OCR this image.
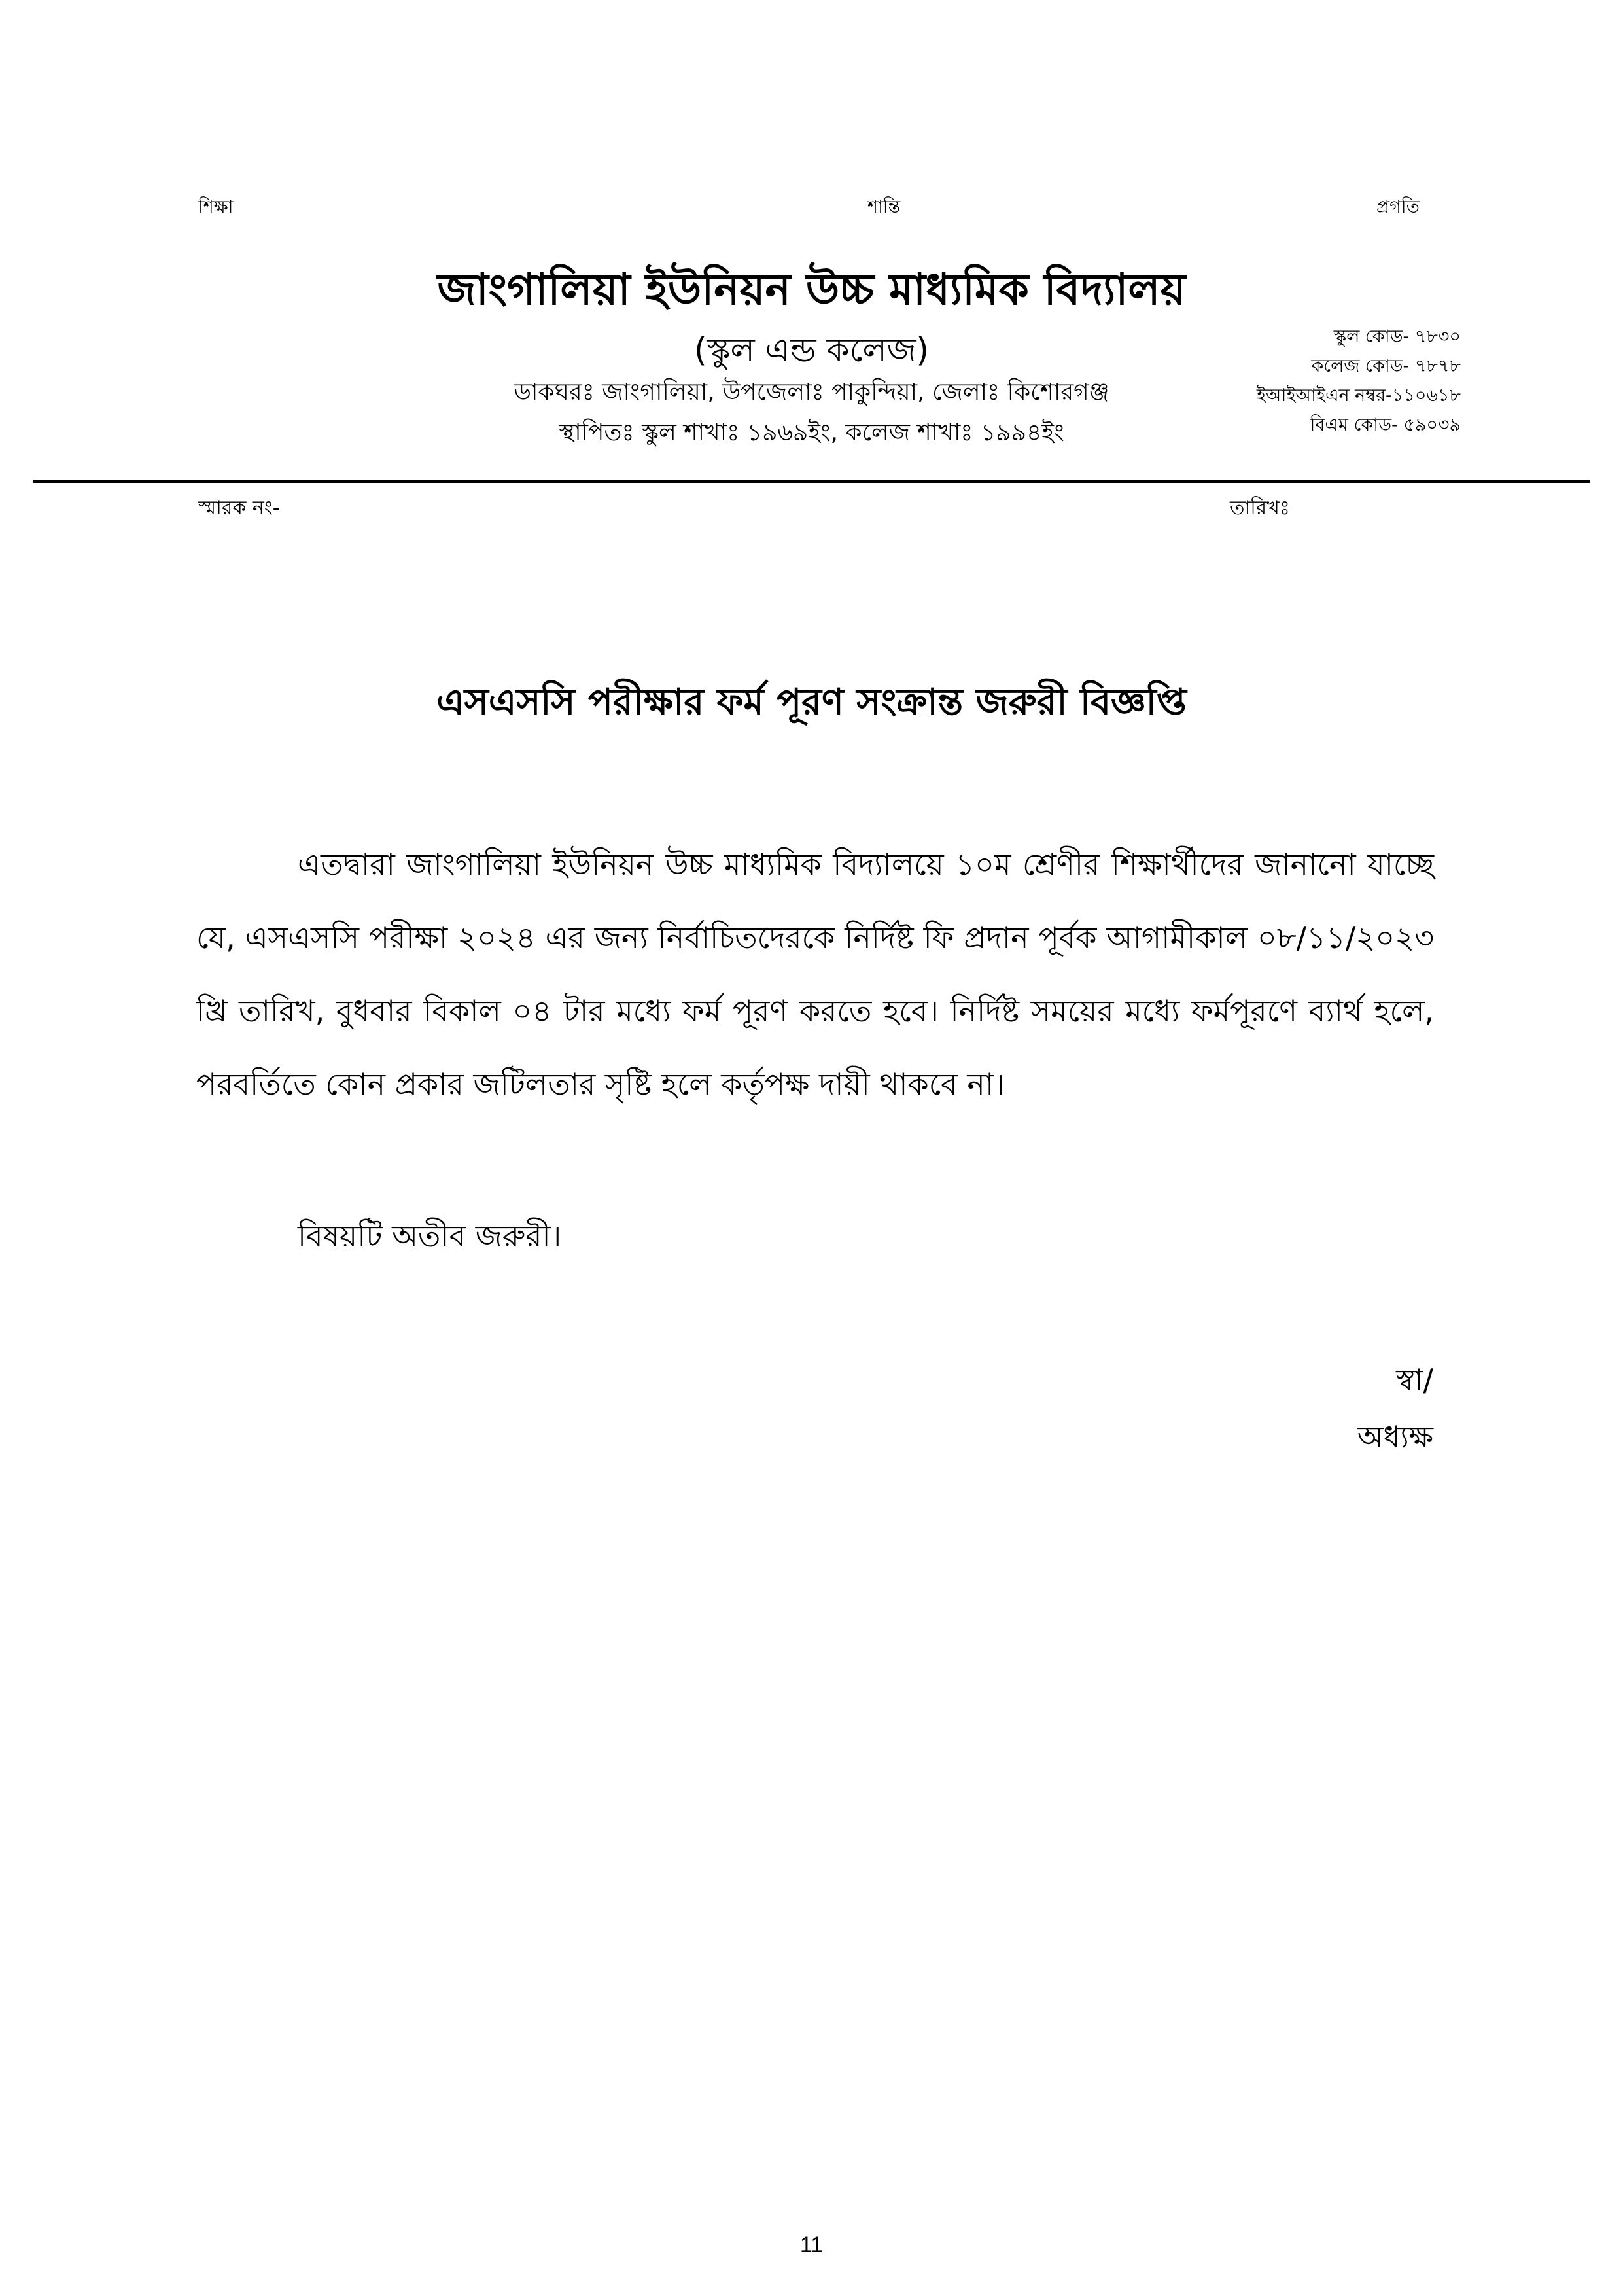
শিক্ষা	শান্তি	প্রগতি
জাংগালিয়া ইউনিয়ন উচ্চ মাধ্যমিক বিদ্যালয়
(স্কুল এন্ড কলেজ)
ডাকঘরঃ জাংগালিয়া, উপজেলাঃ পাকুন্দিয়া, জেলাঃ কিশোরগঞ্জ
স্থাপিতঃ স্কুল শাখাঃ ১৯৬৯ইং, কলেজ শাখাঃ ১৯৯৪ইং
স্কুল কোড- ৭৮৩০
কলেজ কোড- ৭৮৭৮
ইআইআইএন নম্বর-১১০৬১৮
বিএম কোড- ৫৯০৩৯
স্মারক নং-	তারিখঃ
এসএসসি পরীক্ষার ফর্ম পূরণ সংক্রান্ত জরুরী বিজ্ঞপ্তি

এতদ্বারা জাংগালিয়া ইউনিয়ন উচ্চ মাধ্যমিক বিদ্যালয়ে ১০ম শ্রেণীর শিক্ষার্থীদের জানানো যাচ্ছে যে, এসএসসি পরীক্ষা ২০২৪ এর জন্য নির্বাচিতদেরকে নির্দিষ্ট ফি প্রদান পূর্বক আগামীকাল ০৮/১১/২০২৩ খ্রি তারিখ, বুধবার বিকাল ০৪ টার মধ্যে ফর্ম পূরণ করতে হবে। নির্দিষ্ট সময়ের মধ্যে ফর্মপূরণে ব্যার্থ হলে, পরবর্তিতে কোন প্রকার জটিলতার সৃষ্টি হলে কর্তৃপক্ষ দায়ী থাকবে না।

বিষয়টি অতীব জরুরী।
স্বা/
অধ্যক্ষ
11
